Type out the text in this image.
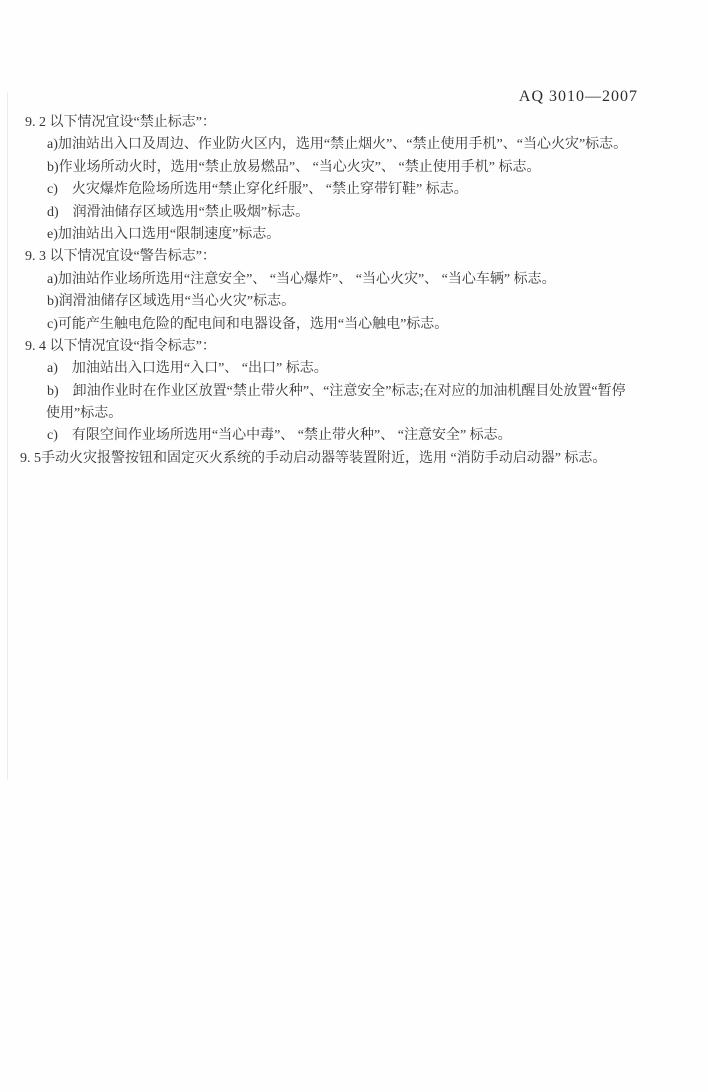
AQ 3010—2007
9. 2 以下情况宜设“禁止标志”：
a)加油站出入口及周边、作业防火区内，选用“禁止烟火”、“禁止使用手机”、“当心火灾”标志。
b)作业场所动火时，选用“禁止放易燃品”、 “当心火灾”、 “禁止使用手机” 标志。
c)　火灾爆炸危险场所选用“禁止穿化纤服”、 “禁止穿带钉鞋” 标志。
d)　润滑油储存区域选用“禁止吸烟”标志。
e)加油站出入口选用“限制速度”标志。
9. 3 以下情况宜设“警告标志”：
a)加油站作业场所选用“注意安全”、 “当心爆炸”、 “当心火灾”、 “当心车辆” 标志。
b)润滑油储存区域选用“当心火灾”标志。
c)可能产生触电危险的配电间和电器设备，选用“当心触电”标志。
9. 4 以下情况宜设“指令标志”：
a)　加油站出入口选用“入口”、 “出口” 标志。
b)　卸油作业时在作业区放置“禁止带火种”、“注意安全”标志;在对应的加油机醒目处放置“暂停
使用”标志。
c)　有限空间作业场所选用“当心中毒”、 “禁止带火种”、 “注意安全” 标志。
9. 5手动火灾报警按钮和固定灭火系统的手动启动器等装置附近，选用 “消防手动启动器” 标志。
